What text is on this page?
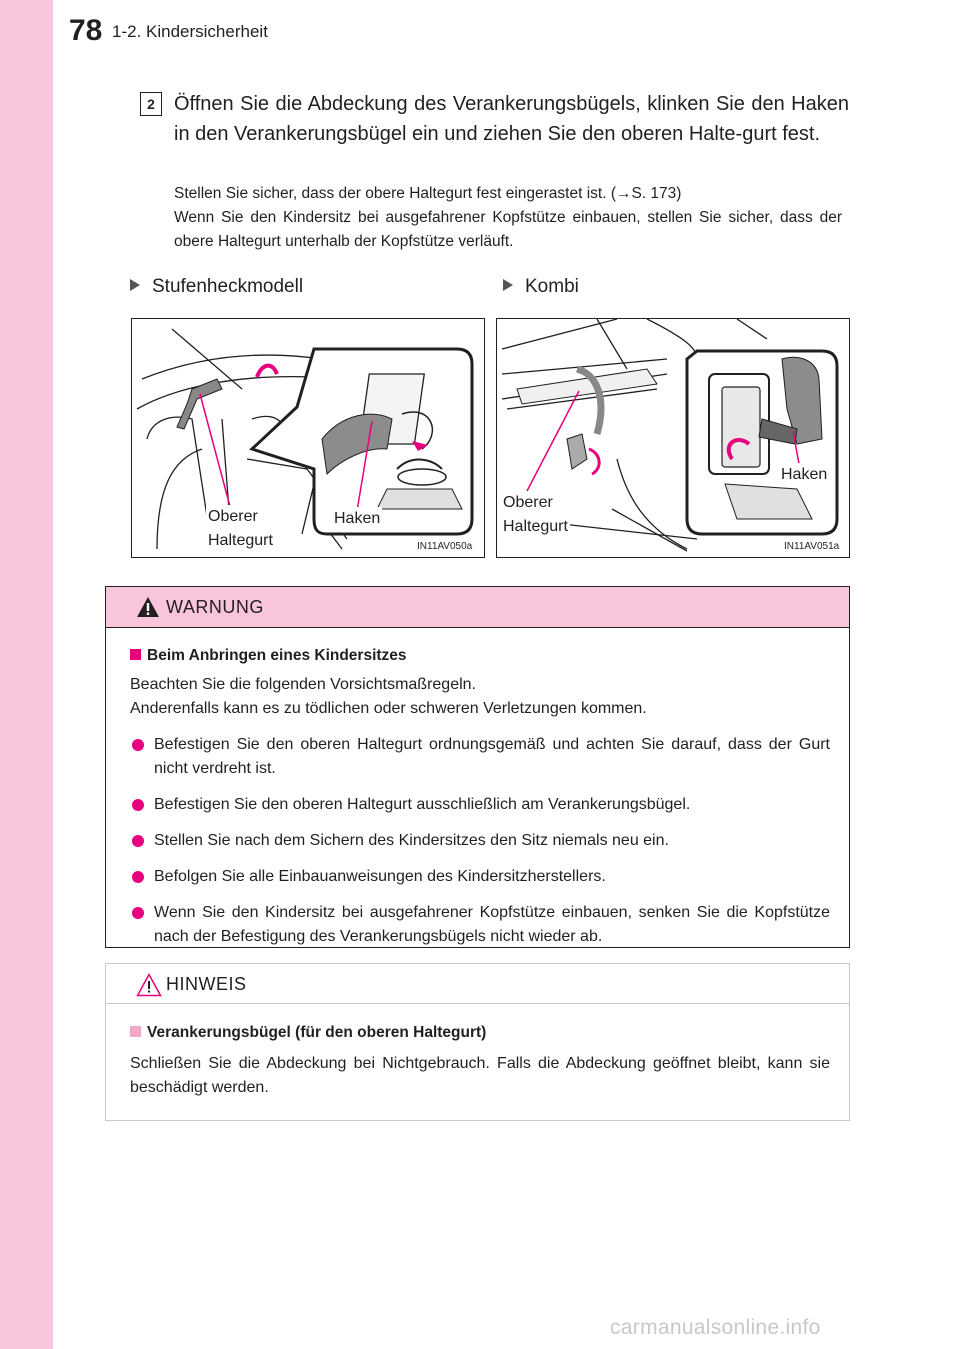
78 1-2. Kindersicherheit
2 Öffnen Sie die Abdeckung des Verankerungsbügels, klinken Sie den Haken in den Verankerungsbügel ein und ziehen Sie den oberen Halte-gurt fest.

Stellen Sie sicher, dass der obere Haltegurt fest eingerastet ist. (→S. 173)

Wenn Sie den Kindersitz bei ausgefahrener Kopfstütze einbauen, stellen Sie sicher, dass der obere Haltegurt unterhalb der Kopfstütze verläuft.

Stufenheckmodell	Kombi
Oberer
Haltegurt
Haken
IN11AV050a
Oberer
Haltegurt
Haken
IN11AV051a
WARNUNG

Beim Anbringen eines Kindersitzes

Beachten Sie die folgenden Vorsichtsmaßregeln.
Anderenfalls kann es zu tödlichen oder schweren Verletzungen kommen.

Befestigen Sie den oberen Haltegurt ordnungsgemäß und achten Sie darauf, dass der Gurt nicht verdreht ist.

Befestigen Sie den oberen Haltegurt ausschließlich am Verankerungsbügel.

Stellen Sie nach dem Sichern des Kindersitzes den Sitz niemals neu ein.

Befolgen Sie alle Einbauanweisungen des Kindersitzherstellers.

Wenn Sie den Kindersitz bei ausgefahrener Kopfstütze einbauen, senken Sie die Kopfstütze nach der Befestigung des Verankerungsbügels nicht wieder ab.

HINWEIS

Verankerungsbügel (für den oberen Haltegurt)

Schließen Sie die Abdeckung bei Nichtgebrauch. Falls die Abdeckung geöffnet bleibt, kann sie beschädigt werden.

carmanualsonline.info
